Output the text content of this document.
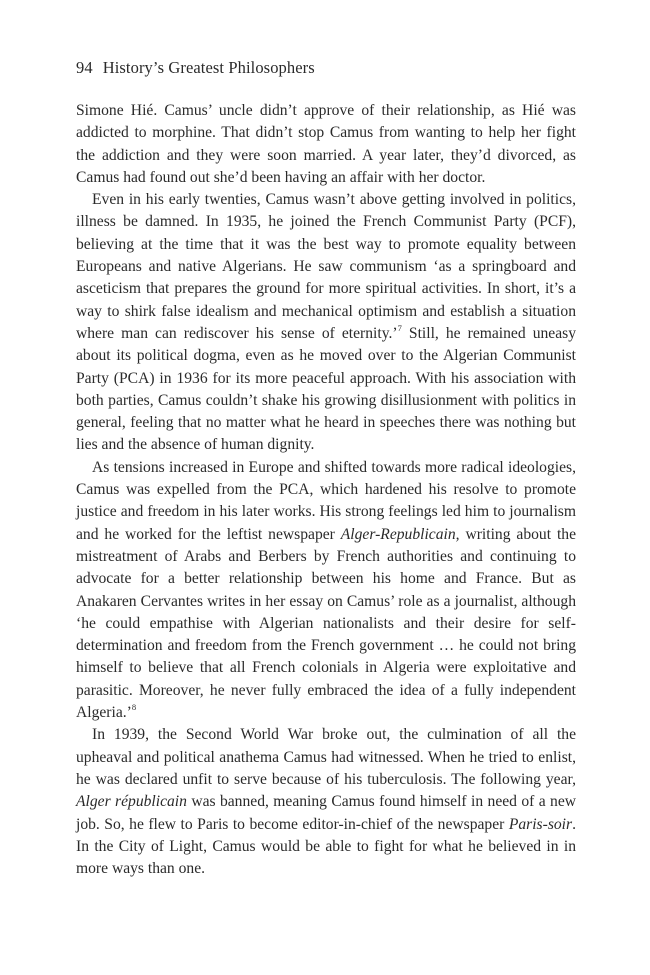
94 History’s Greatest Philosophers

Simone Hié. Camus’ uncle didn’t approve of their relationship, as Hié was addicted to morphine. That didn’t stop Camus from wanting to help her fight the addiction and they were soon married. A year later, they’d divorced, as Camus had found out she’d been having an affair with her doctor.

Even in his early twenties, Camus wasn’t above getting involved in politics, illness be damned. In 1935, he joined the French Communist Party (PCF), believing at the time that it was the best way to promote equality between Europeans and native Algerians. He saw communism ‘as a springboard and asceticism that prepares the ground for more spiritual activities. In short, it’s a way to shirk false idealism and mechanical optimism and establish a situation where man can rediscover his sense of eternity.’$^7$ Still, he remained uneasy about its political dogma, even as he moved over to the Algerian Communist Party (PCA) in 1936 for its more peaceful approach. With his association with both parties, Camus couldn’t shake his growing disillusionment with politics in general, feeling that no matter what he heard in speeches there was nothing but lies and the absence of human dignity.

As tensions increased in Europe and shifted towards more radical ideologies, Camus was expelled from the PCA, which hardened his resolve to promote justice and freedom in his later works. His strong feelings led him to journalism and he worked for the leftist newspaper Alger-Republicain, writing about the mistreatment of Arabs and Berbers by French authorities and continuing to advocate for a better relationship between his home and France. But as Anakaren Cervantes writes in her essay on Camus’ role as a journalist, although ‘he could empathise with Algerian nationalists and their desire for self-determination and freedom from the French government … he could not bring himself to believe that all French colonials in Algeria were exploitative and parasitic. Moreover, he never fully embraced the idea of a fully independent Algeria.’$^8$

In 1939, the Second World War broke out, the culmination of all the upheaval and political anathema Camus had witnessed. When he tried to enlist, he was declared unfit to serve because of his tuberculosis. The following year, Alger républicain was banned, meaning Camus found himself in need of a new job. So, he flew to Paris to become editor-in-chief of the newspaper Paris-soir. In the City of Light, Camus would be able to fight for what he believed in in more ways than one.
